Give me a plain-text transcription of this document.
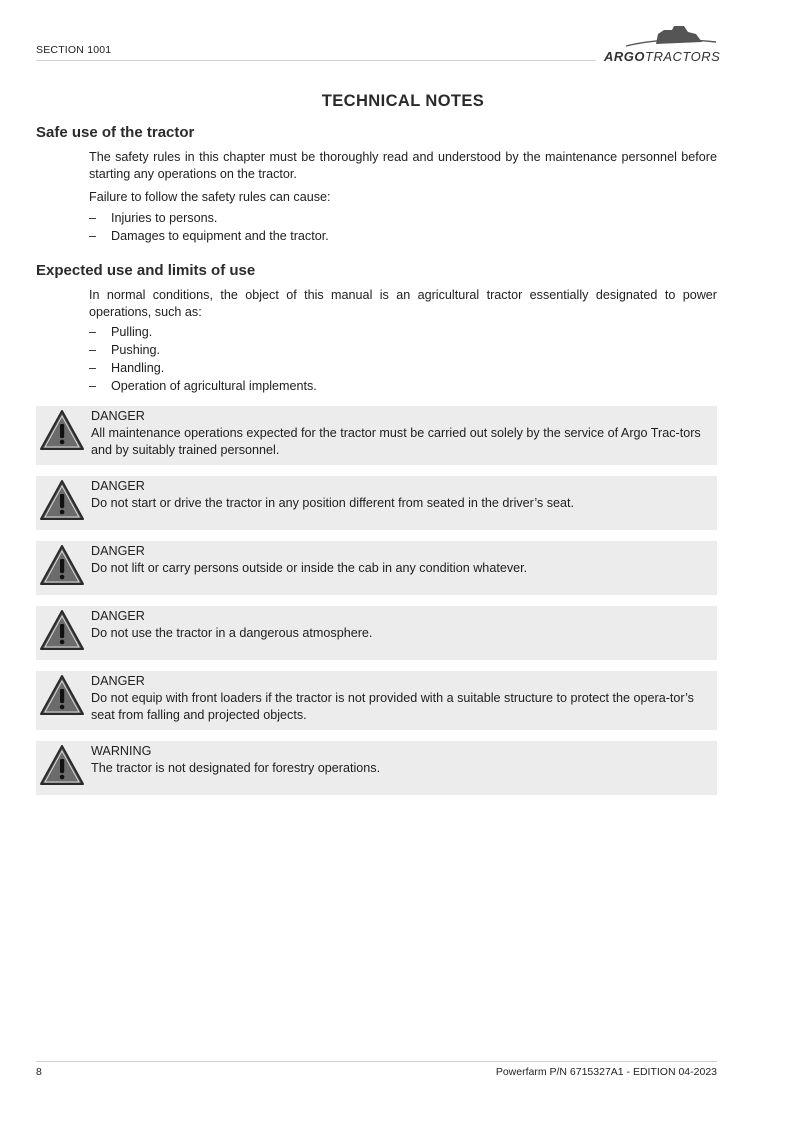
SECTION 1001	ARGOTRACTORS
TECHNICAL NOTES
Safe use of the tractor
The safety rules in this chapter must be thoroughly read and understood by the maintenance personnel before starting any operations on the tractor.
Failure to follow the safety rules can cause:
– Injuries to persons.
– Damages to equipment and the tractor.
Expected use and limits of use
In normal conditions, the object of this manual is an agricultural tractor essentially designated to power operations, such as:
– Pulling.
– Pushing.
– Handling.
– Operation of agricultural implements.
DANGER
All maintenance operations expected for the tractor must be carried out solely by the service of Argo Trac-tors and by suitably trained personnel.
DANGER
Do not start or drive the tractor in any position different from seated in the driver’s seat.
DANGER
Do not lift or carry persons outside or inside the cab in any condition whatever.
DANGER
Do not use the tractor in a dangerous atmosphere.
DANGER
Do not equip with front loaders if the tractor is not provided with a suitable structure to protect the opera-tor’s seat from falling and projected objects.
WARNING
The tractor is not designated for forestry operations.
8	Powerfarm P/N 6715327A1 - EDITION 04-2023
